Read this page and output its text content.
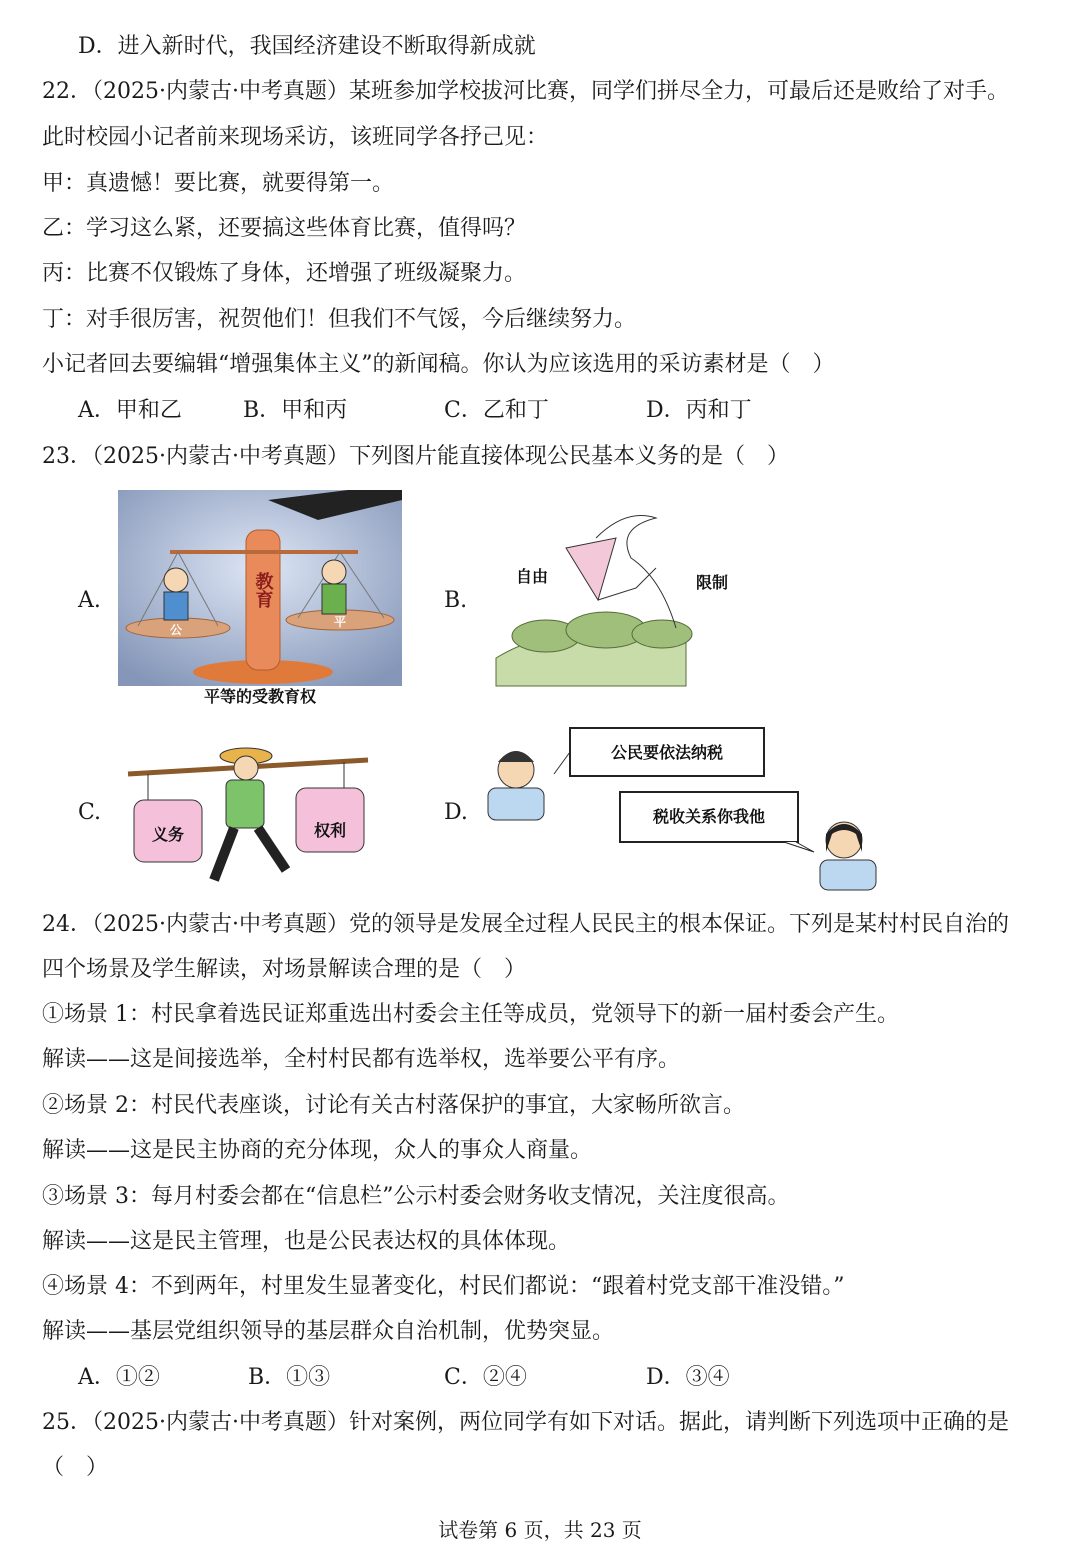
D．进入新时代，我国经济建设不断取得新成就
22．（2025·内蒙古·中考真题）某班参加学校拔河比赛，同学们拼尽全力，可最后还是败给了对手。
此时校园小记者前来现场采访，该班同学各抒己见：
甲：真遗憾！要比赛，就要得第一。
乙：学习这么紧，还要搞这些体育比赛，值得吗？
丙：比赛不仅锻炼了身体，还增强了班级凝聚力。
丁：对手很厉害，祝贺他们！但我们不气馁，今后继续努力。
小记者回去要编辑“增强集体主义”的新闻稿。你认为应该选用的采访素材是（　）
A．甲和乙	B．甲和丙	C．乙和丁	D．丙和丁
23．（2025·内蒙古·中考真题）下列图片能直接体现公民基本义务的是（　）
A.	教育
公
平
平等的受教育权
B.
自由	限制
C.
义务	权利
D.
公民要依法纳税
税收关系你我他
24．（2025·内蒙古·中考真题）党的领导是发展全过程人民民主的根本保证。下列是某村村民自治的
四个场景及学生解读，对场景解读合理的是（　）
①场景 1：村民拿着选民证郑重选出村委会主任等成员，党领导下的新一届村委会产生。
解读——这是间接选举，全村村民都有选举权，选举要公平有序。
②场景 2：村民代表座谈，讨论有关古村落保护的事宜，大家畅所欲言。
解读——这是民主协商的充分体现，众人的事众人商量。
③场景 3：每月村委会都在“信息栏”公示村委会财务收支情况，关注度很高。
解读——这是民主管理，也是公民表达权的具体体现。
④场景 4：不到两年，村里发生显著变化，村民们都说：“跟着村党支部干准没错。”
解读——基层党组织领导的基层群众自治机制，优势突显。
A．①②	B．①③	C．②④	D．③④
25．（2025·内蒙古·中考真题）针对案例，两位同学有如下对话。据此，请判断下列选项中正确的是
（　）
试卷第 6 页，共 23 页
